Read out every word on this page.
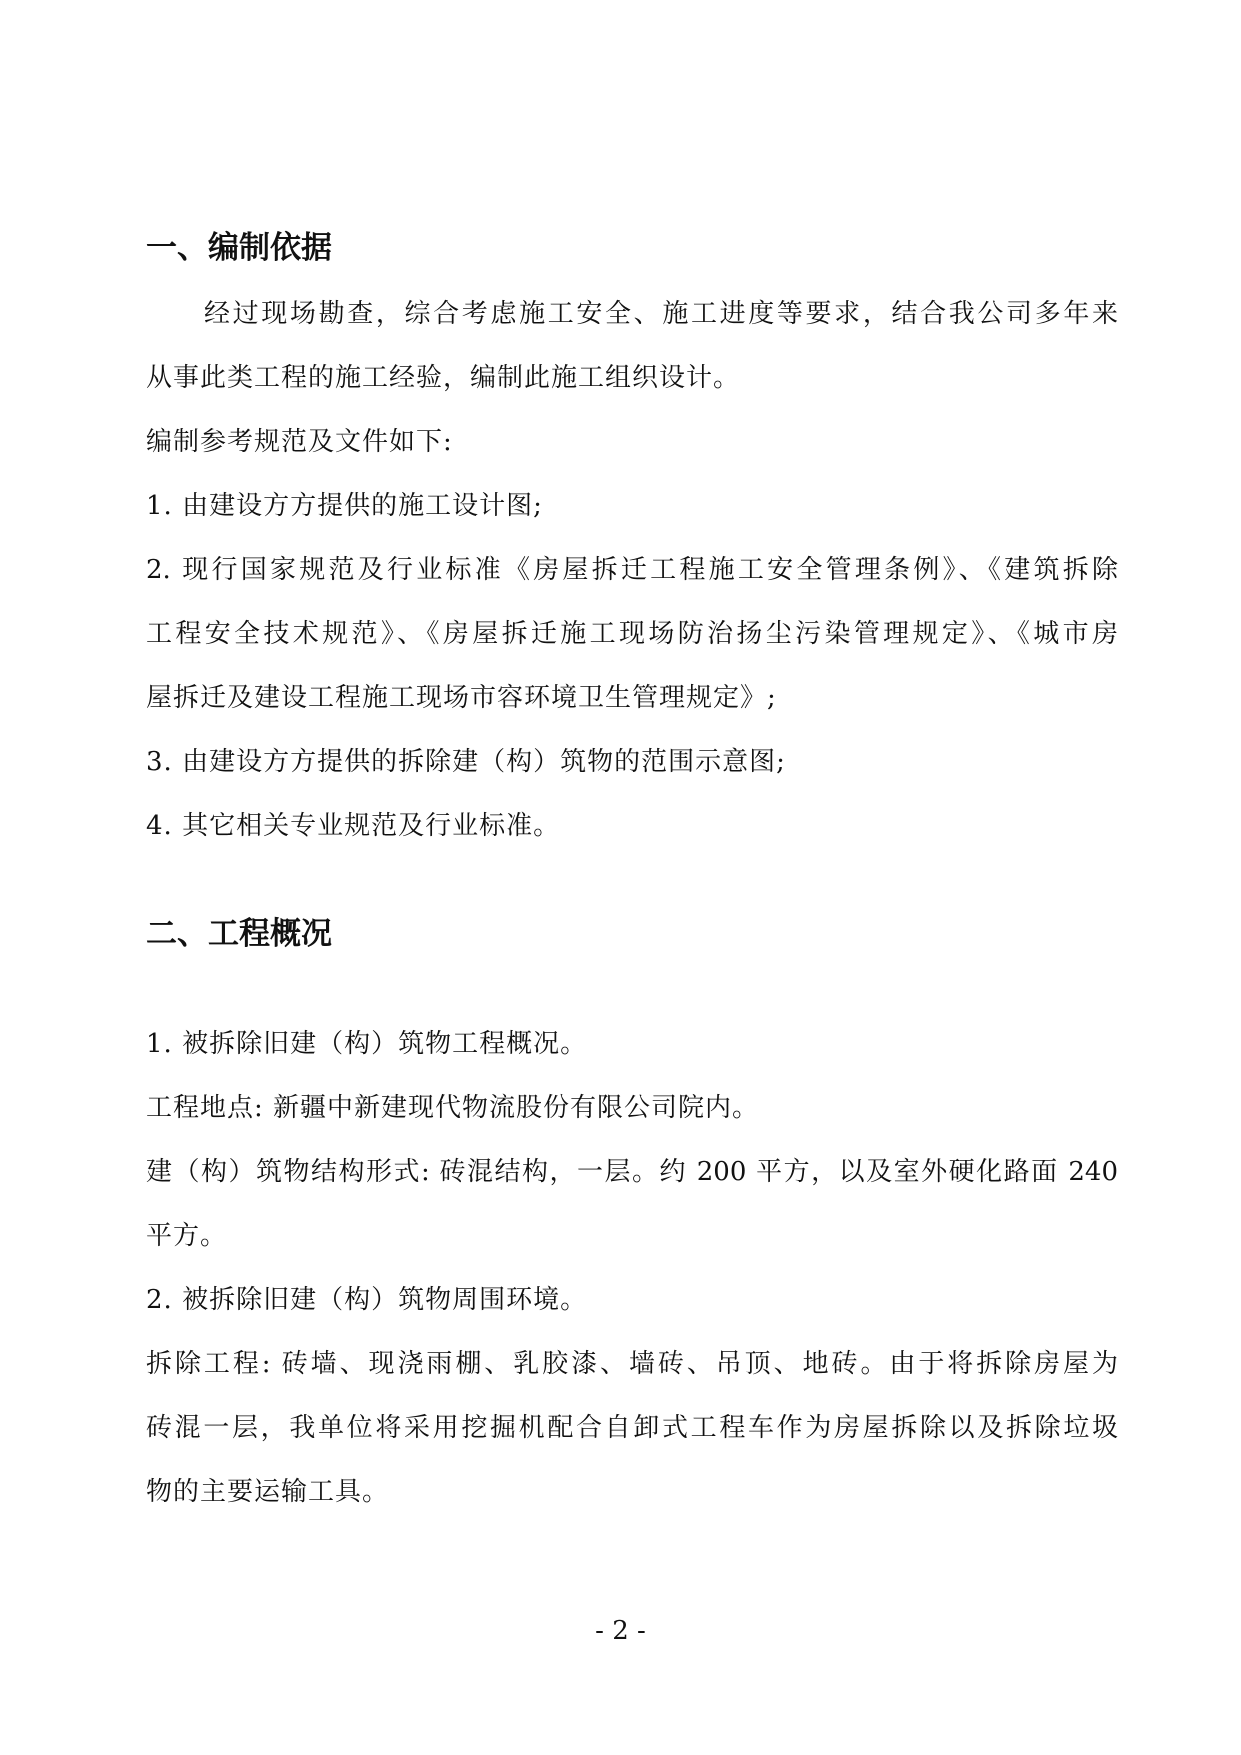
一、编制依据
经过现场勘查，综合考虑施工安全、施工进度等要求，结合我公司多年来
从事此类工程的施工经验，编制此施工组织设计。
编制参考规范及文件如下:
1. 由建设方方提供的施工设计图;
2. 现行国家规范及行业标准《房屋拆迁工程施工安全管理条例》、《建筑拆除
工程安全技术规范》、《房屋拆迁施工现场防治扬尘污染管理规定》、《城市房
屋拆迁及建设工程施工现场市容环境卫生管理规定》;
3. 由建设方方提供的拆除建（构）筑物的范围示意图;
4. 其它相关专业规范及行业标准。
二、工程概况
1. 被拆除旧建（构）筑物工程概况。
工程地点: 新疆中新建现代物流股份有限公司院内。
建（构）筑物结构形式: 砖混结构，一层。约 200 平方，以及室外硬化路面 240
平方。
2. 被拆除旧建（构）筑物周围环境。
拆除工程: 砖墙、现浇雨棚、乳胶漆、墙砖、吊顶、地砖。由于将拆除房屋为
砖混一层，我单位将采用挖掘机配合自卸式工程车作为房屋拆除以及拆除垃圾
物的主要运输工具。
- 2 -
